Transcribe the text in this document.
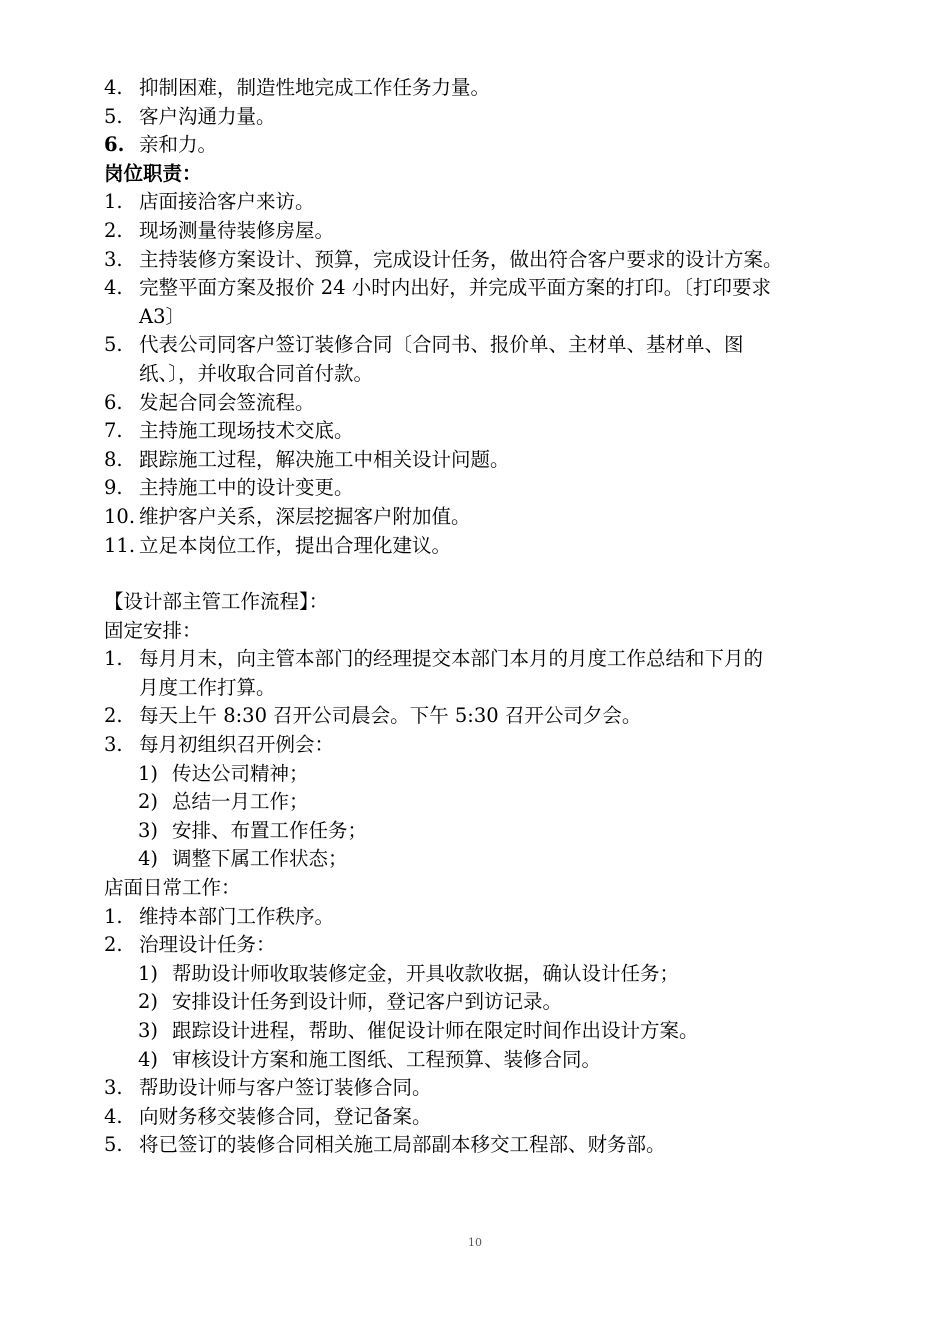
4. 抑制困难，制造性地完成工作任务力量。
5. 客户沟通力量。
6. 亲和力。
岗位职责：
1. 店面接洽客户来访。
2. 现场测量待装修房屋。
3. 主持装修方案设计、预算，完成设计任务，做出符合客户要求的设计方案。
4. 完整平面方案及报价 24 小时内出好，并完成平面方案的打印。〔打印要求
A3〕
5. 代表公司同客户签订装修合同〔合同书、报价单、主材单、基材单、图
纸、〕，并收取合同首付款。
6. 发起合同会签流程。
7. 主持施工现场技术交底。
8. 跟踪施工过程，解决施工中相关设计问题。
9. 主持施工中的设计变更。
10. 维护客户关系，深层挖掘客户附加值。
11. 立足本岗位工作，提出合理化建议。
【设计部主管工作流程】：
固定安排：
1. 每月月末，向主管本部门的经理提交本部门本月的月度工作总结和下月的
月度工作打算。
2. 每天上午 8:30 召开公司晨会。下午 5:30 召开公司夕会。
3. 每月初组织召开例会：
1) 传达公司精神；
2) 总结一月工作；
3) 安排、布置工作任务；
4) 调整下属工作状态；
店面日常工作：
1. 维持本部门工作秩序。
2. 治理设计任务：
1) 帮助设计师收取装修定金，开具收款收据，确认设计任务；
2) 安排设计任务到设计师，登记客户到访记录。
3) 跟踪设计进程，帮助、催促设计师在限定时间作出设计方案。
4) 审核设计方案和施工图纸、工程预算、装修合同。
3. 帮助设计师与客户签订装修合同。
4. 向财务移交装修合同，登记备案。
5. 将已签订的装修合同相关施工局部副本移交工程部、财务部。
10
